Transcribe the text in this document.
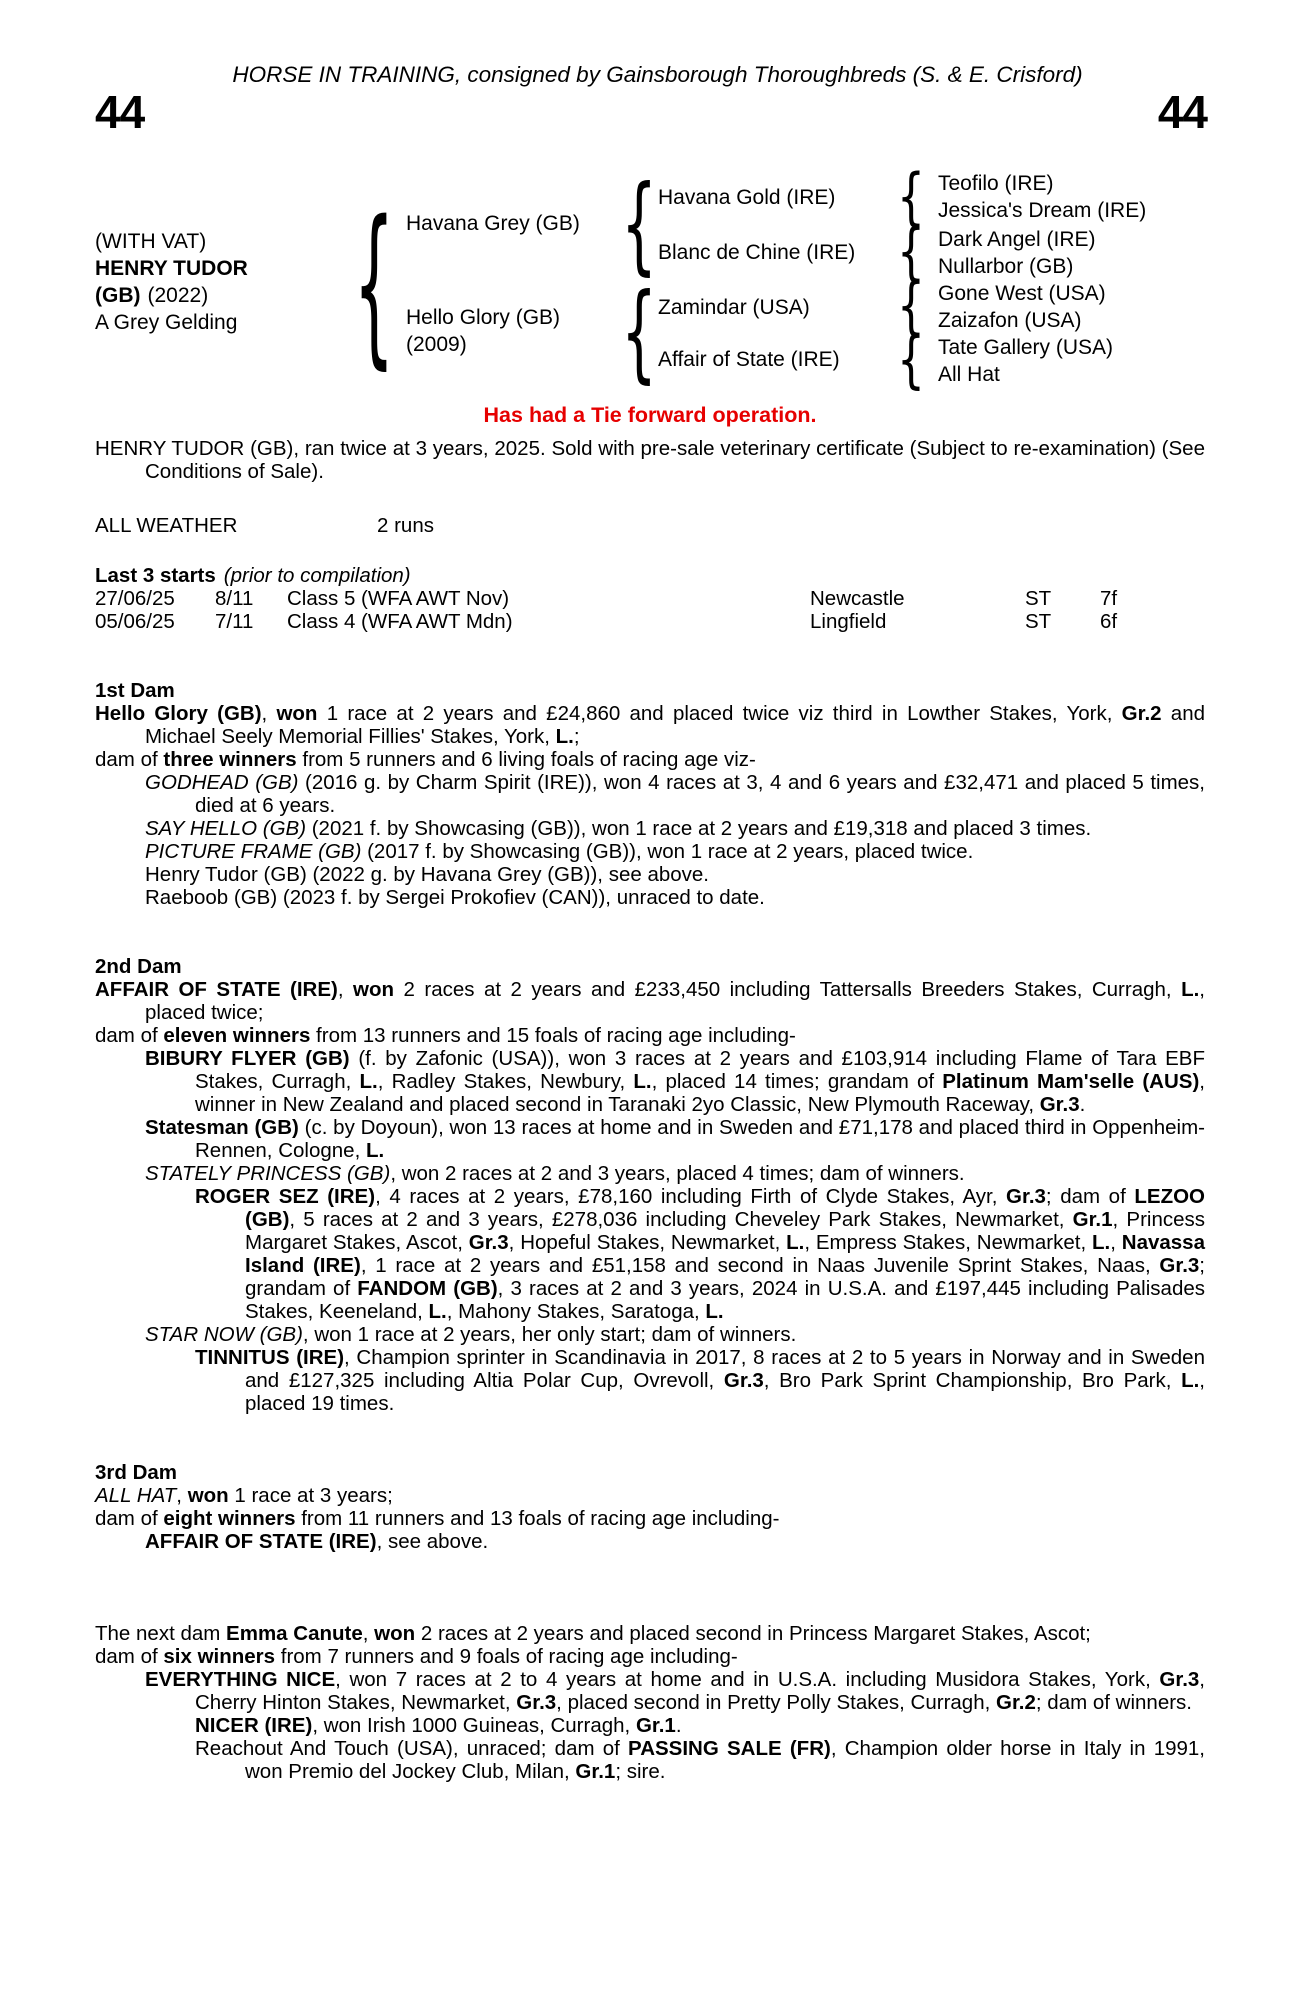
HORSE IN TRAINING, consigned by Gainsborough Thoroughbreds (S. & E. Crisford)
44	44
(WITH VAT)
HENRY TUDOR
(GB) (2022)
A Grey Gelding { Havana Grey (GB)
Hello Glory (GB)
(2009)
{
{
Havana Gold (IRE)
Blanc de Chine (IRE)
Zamindar (USA)
Affair of State (IRE)
{
{
{
{
Teofilo (IRE)
Jessica's Dream (IRE)
Dark Angel (IRE)
Nullarbor (GB)
Gone West (USA)
Zaizafon (USA)
Tate Gallery (USA)
All Hat
Has had a Tie forward operation.

HENRY TUDOR (GB), ran twice at 3 years, 2025. Sold with pre-sale veterinary certificate (Subject to re-examination) (See Conditions of Sale).

ALL WEATHER	2 runs

Last 3 starts (prior to compilation)

27/06/25	8/11	Class 5 (WFA AWT Nov)	Newcastle	ST	7f
05/06/25	7/11	Class 4 (WFA AWT Mdn)	Lingfield	ST	6f
1st Dam

Hello Glory (GB), won 1 race at 2 years and £24,860 and placed twice viz third in Lowther Stakes, York, Gr.2 and Michael Seely Memorial Fillies' Stakes, York, L.;

dam of three winners from 5 runners and 6 living foals of racing age viz-

GODHEAD (GB) (2016 g. by Charm Spirit (IRE)), won 4 races at 3, 4 and 6 years and £32,471 and placed 5 times, died at 6 years.

SAY HELLO (GB) (2021 f. by Showcasing (GB)), won 1 race at 2 years and £19,318 and placed 3 times.

PICTURE FRAME (GB) (2017 f. by Showcasing (GB)), won 1 race at 2 years, placed twice.

Henry Tudor (GB) (2022 g. by Havana Grey (GB)), see above.

Raeboob (GB) (2023 f. by Sergei Prokofiev (CAN)), unraced to date.

2nd Dam

AFFAIR OF STATE (IRE), won 2 races at 2 years and £233,450 including Tattersalls Breeders Stakes, Curragh, L., placed twice;

dam of eleven winners from 13 runners and 15 foals of racing age including-

BIBURY FLYER (GB) (f. by Zafonic (USA)), won 3 races at 2 years and £103,914 including Flame of Tara EBF Stakes, Curragh, L., Radley Stakes, Newbury, L., placed 14 times; grandam of Platinum Mam'selle (AUS), winner in New Zealand and placed second in Taranaki 2yo Classic, New Plymouth Raceway, Gr.3.

Statesman (GB) (c. by Doyoun), won 13 races at home and in Sweden and £71,178 and placed third in Oppenheim-Rennen, Cologne, L.

STATELY PRINCESS (GB), won 2 races at 2 and 3 years, placed 4 times; dam of winners.

ROGER SEZ (IRE), 4 races at 2 years, £78,160 including Firth of Clyde Stakes, Ayr, Gr.3; dam of LEZOO (GB), 5 races at 2 and 3 years, £278,036 including Cheveley Park Stakes, Newmarket, Gr.1, Princess Margaret Stakes, Ascot, Gr.3, Hopeful Stakes, Newmarket, L., Empress Stakes, Newmarket, L., Navassa Island (IRE), 1 race at 2 years and £51,158 and second in Naas Juvenile Sprint Stakes, Naas, Gr.3; grandam of FANDOM (GB), 3 races at 2 and 3 years, 2024 in U.S.A. and £197,445 including Palisades Stakes, Keeneland, L., Mahony Stakes, Saratoga, L.

STAR NOW (GB), won 1 race at 2 years, her only start; dam of winners.

TINNITUS (IRE), Champion sprinter in Scandinavia in 2017, 8 races at 2 to 5 years in Norway and in Sweden and £127,325 including Altia Polar Cup, Ovrevoll, Gr.3, Bro Park Sprint Championship, Bro Park, L., placed 19 times.

3rd Dam

ALL HAT, won 1 race at 3 years;

dam of eight winners from 11 runners and 13 foals of racing age including-

AFFAIR OF STATE (IRE), see above.

The next dam Emma Canute, won 2 races at 2 years and placed second in Princess Margaret Stakes, Ascot;

dam of six winners from 7 runners and 9 foals of racing age including-

EVERYTHING NICE, won 7 races at 2 to 4 years at home and in U.S.A. including Musidora Stakes, York, Gr.3, Cherry Hinton Stakes, Newmarket, Gr.3, placed second in Pretty Polly Stakes, Curragh, Gr.2; dam of winners.

NICER (IRE), won Irish 1000 Guineas, Curragh, Gr.1.

Reachout And Touch (USA), unraced; dam of PASSING SALE (FR), Champion older horse in Italy in 1991, won Premio del Jockey Club, Milan, Gr.1; sire.
